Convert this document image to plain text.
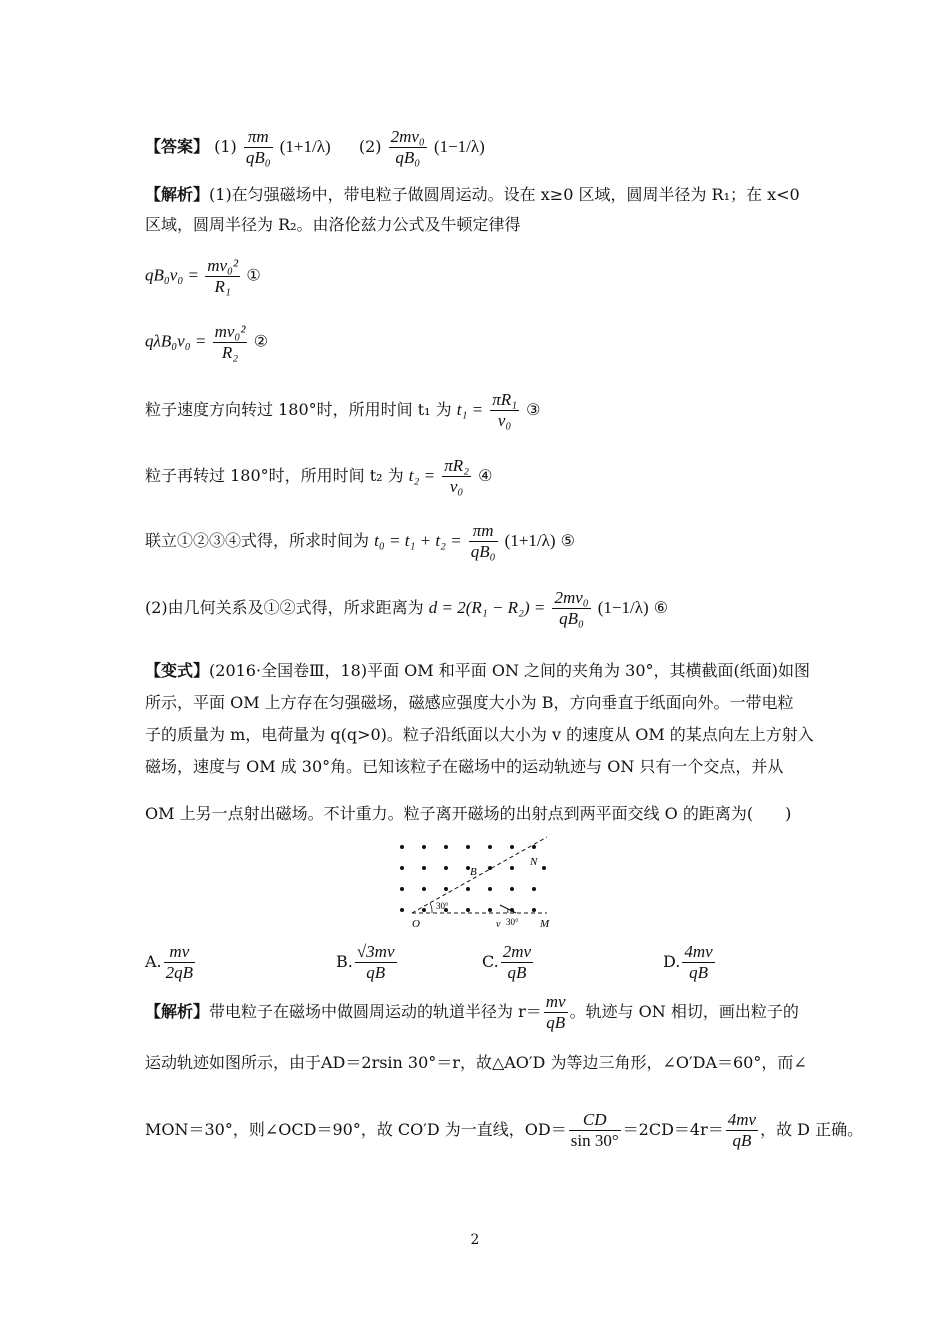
【答案】 $(1) \frac{\pi m}{\text{qB₀}} (1+1/\lambda)$ $(2) \frac{\text{2mv₀}}{\text{qB₀}} (1-1/\lambda)$
【解析】(1)在匀强磁场中，带电粒子做圆周运动。设在 x≥0 区域，圆周半径为 R₁；在 x<0
区域，圆周半径为 R₂。由洛伦兹力公式及牛顿定律得
$qB_0v_0 = \frac{\text{mv₀²}}{\text{R₁}}$ ①
$q\lambda B_0v_0 = \frac{\text{mv₀²}}{\text{R₂}}$ ②
粒子速度方向转过 180°时，所用时间 t₁ 为 $t_1 = \frac{\text{πR₁}}{\text{v₀}}$ ③
粒子再转过 180°时，所用时间 t₂ 为 $t_2 = \frac{\text{πR₂}}{\text{v₀}}$ ④
联立①②③④式得，所求时间为 $t_0 = t_1 + t_2 = \frac{\pi m}{\text{qB₀}} (1+1/\lambda)$ ⑤
(2)由几何关系及①②式得，所求距离为 $d = 2(R_1 - R_2) = \frac{\text{2mv₀}}{\text{qB₀}} (1-1/\lambda)$ ⑥
【变式】(2016·全国卷Ⅲ，18)平面 OM 和平面 ON 之间的夹角为 30°，其横截面(纸面)如图
所示，平面 OM 上方存在匀强磁场，磁感应强度大小为 B，方向垂直于纸面向外。一带电粒
子的质量为 m，电荷量为 q(q>0)。粒子沿纸面以大小为 v 的速度从 OM 的某点向左上方射入
磁场，速度与 OM 成 30°角。已知该粒子在磁场中的运动轨迹与 ON 只有一个交点，并从
OM 上另一点射出磁场。不计重力。粒子离开磁场的出射点到两平面交线 O 的距离为(　　)
O	M
N
B
v
30°
30°
A. $\frac{mv}{2qB}$	B. $\frac{√3mv}{qB}$	C. $\frac{2mv}{qB}$	D. $\frac{4mv}{qB}$
【解析】带电粒子在磁场中做圆周运动的轨道半径为 $r= \frac{mv}{qB}$ 。轨迹与 ON 相切，画出粒子的
运动轨迹如图所示，由于AD＝2rsin 30°＝r，故△AO′D 为等边三角形，∠O′DA＝60°，而∠
MON＝30°，则∠OCD＝90°，故 CO′D 为一直线，$OD= \frac{CD}{\sin 30^\circ} =2CD=4r= \frac{4mv}{qB}$ ，故 D 正确。
2
